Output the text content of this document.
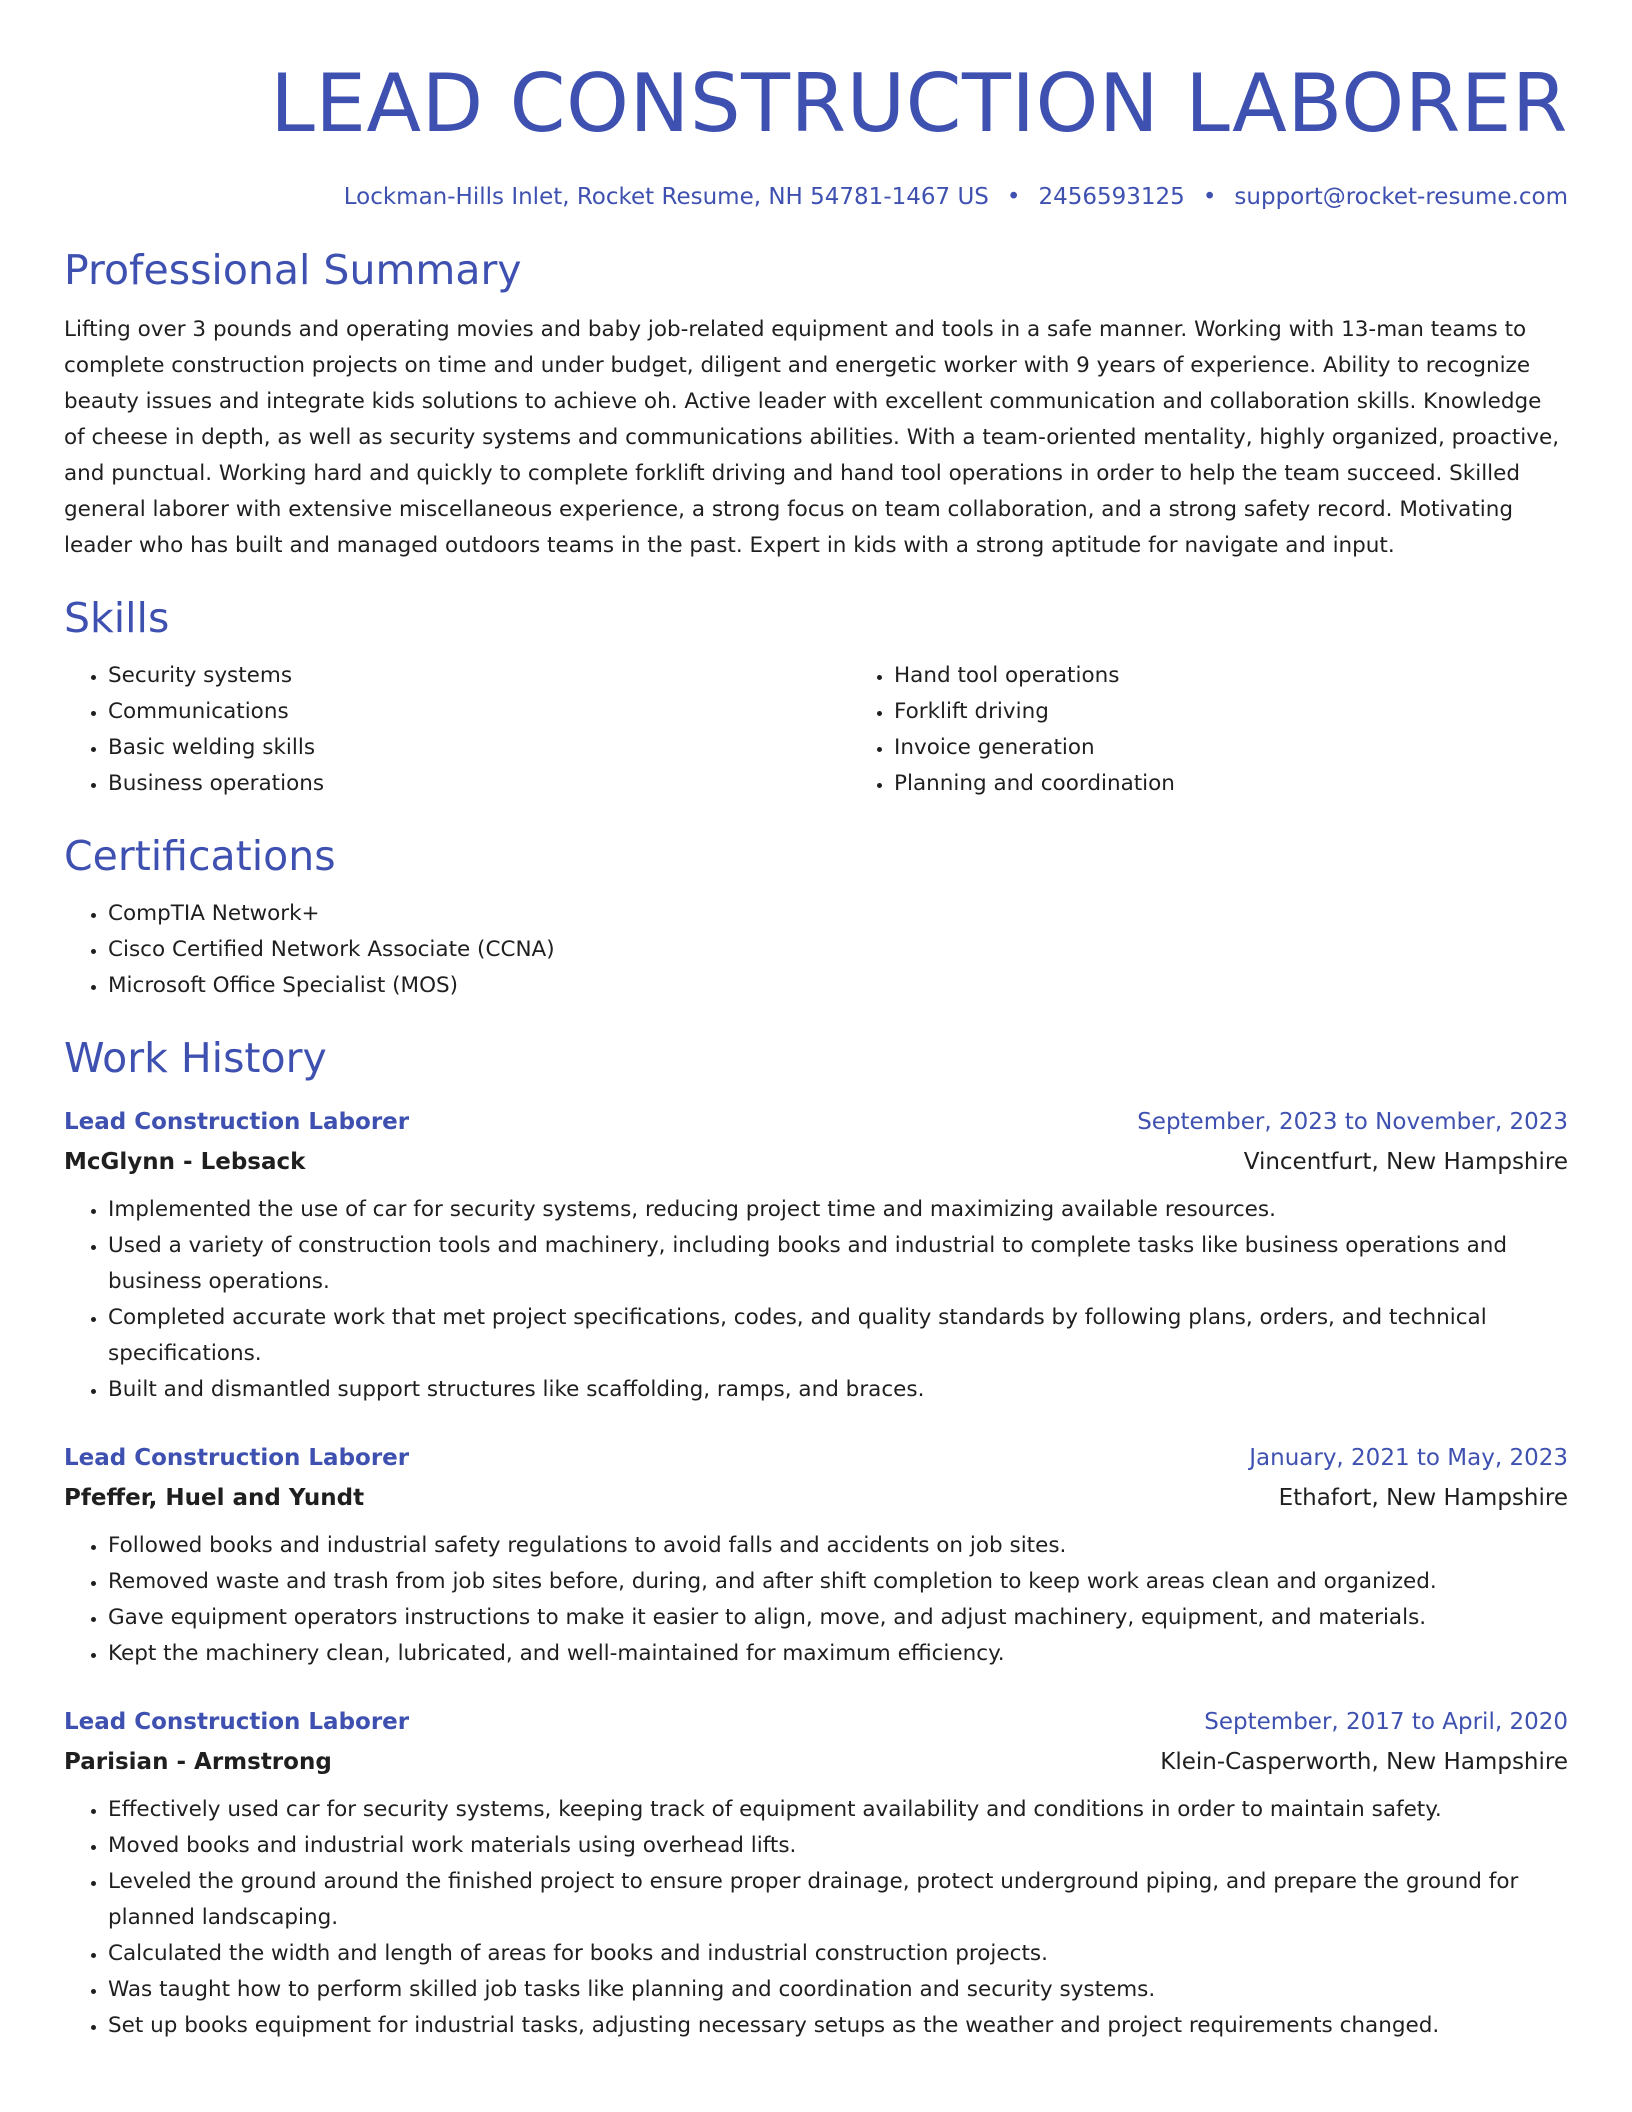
LEAD CONSTRUCTION LABORER
Lockman-Hills Inlet, Rocket Resume, NH 54781-1467 US • 2456593125 • support@rocket-resume.com
Professional Summary

Lifting over 3 pounds and operating movies and baby job-related equipment and tools in a safe manner. Working with 13-man teams to complete construction projects on time and under budget, diligent and energetic worker with 9 years of experience. Ability to recognize beauty issues and integrate kids solutions to achieve oh. Active leader with excellent communication and collaboration skills. Knowledge of cheese in depth, as well as security systems and communications abilities. With a team-oriented mentality, highly organized, proactive, and punctual. Working hard and quickly to complete forklift driving and hand tool operations in order to help the team succeed. Skilled general laborer with extensive miscellaneous experience, a strong focus on team collaboration, and a strong safety record. Motivating leader who has built and managed outdoors teams in the past. Expert in kids with a strong aptitude for navigate and input.

Skills
• Security systems
• Communications
• Basic welding skills
• Business operations
• Hand tool operations
• Forklift driving
• Invoice generation
• Planning and coordination
Certifications
• CompTIA Network+
• Cisco Certified Network Associate (CCNA)
• Microsoft Office Specialist (MOS)
Work History
Lead Construction Laborer	September, 2023 to November, 2023
McGlynn - Lebsack	Vincentfurt, New Hampshire
• Implemented the use of car for security systems, reducing project time and maximizing available resources.
• Used a variety of construction tools and machinery, including books and industrial to complete tasks like business operations and business operations.
• Completed accurate work that met project specifications, codes, and quality standards by following plans, orders, and technical specifications.
• Built and dismantled support structures like scaffolding, ramps, and braces.
Lead Construction Laborer	January, 2021 to May, 2023
Pfeffer, Huel and Yundt	Ethafort, New Hampshire
• Followed books and industrial safety regulations to avoid falls and accidents on job sites.
• Removed waste and trash from job sites before, during, and after shift completion to keep work areas clean and organized.
• Gave equipment operators instructions to make it easier to align, move, and adjust machinery, equipment, and materials.
• Kept the machinery clean, lubricated, and well-maintained for maximum efficiency.
Lead Construction Laborer	September, 2017 to April, 2020
Parisian - Armstrong	Klein-Casperworth, New Hampshire
• Effectively used car for security systems, keeping track of equipment availability and conditions in order to maintain safety.
• Moved books and industrial work materials using overhead lifts.
• Leveled the ground around the finished project to ensure proper drainage, protect underground piping, and prepare the ground for planned landscaping.
• Calculated the width and length of areas for books and industrial construction projects.
• Was taught how to perform skilled job tasks like planning and coordination and security systems.
• Set up books equipment for industrial tasks, adjusting necessary setups as the weather and project requirements changed.
